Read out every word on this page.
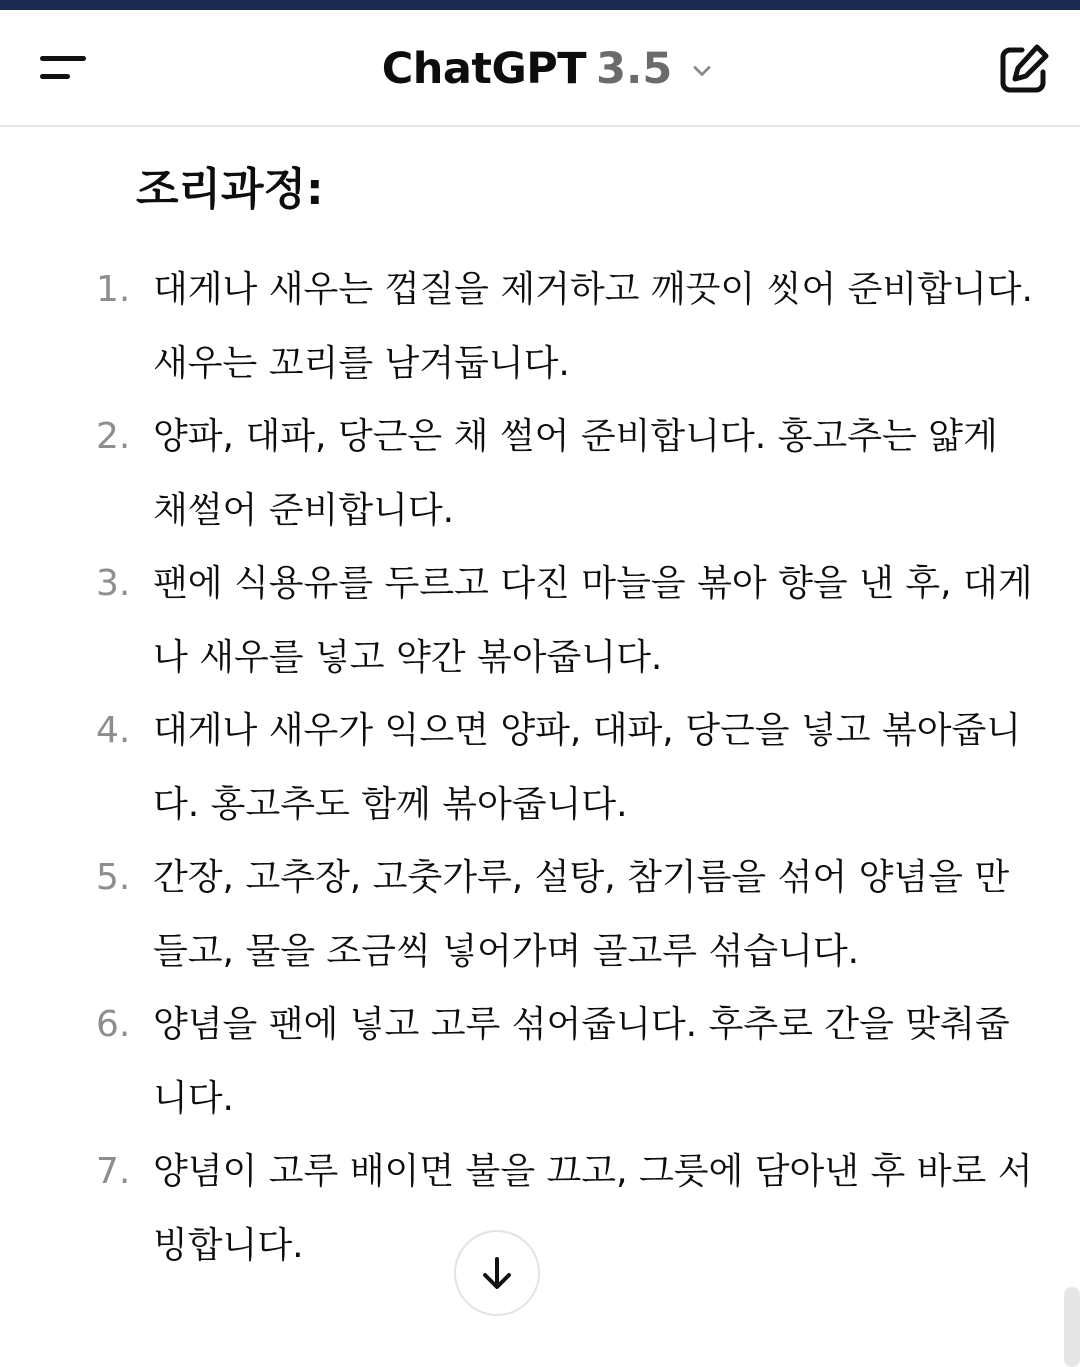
ChatGPT 3.5
조리과정:
1. 대게나 새우는 껍질을 제거하고 깨끗이 씻어 준비합니다. 새우는 꼬리를 남겨둡니다.
2. 양파, 대파, 당근은 채 썰어 준비합니다. 홍고추는 얇게 채썰어 준비합니다.
3. 팬에 식용유를 두르고 다진 마늘을 볶아 향을 낸 후, 대게나 새우를 넣고 약간 볶아줍니다.
4. 대게나 새우가 익으면 양파, 대파, 당근을 넣고 볶아줍니다. 홍고추도 함께 볶아줍니다.
5. 간장, 고추장, 고춧가루, 설탕, 참기름을 섞어 양념을 만들고, 물을 조금씩 넣어가며 골고루 섞습니다.
6. 양념을 팬에 넣고 고루 섞어줍니다. 후추로 간을 맞춰줍니다.
7. 양념이 고루 배이면 불을 끄고, 그릇에 담아낸 후 바로 서빙합니다.
